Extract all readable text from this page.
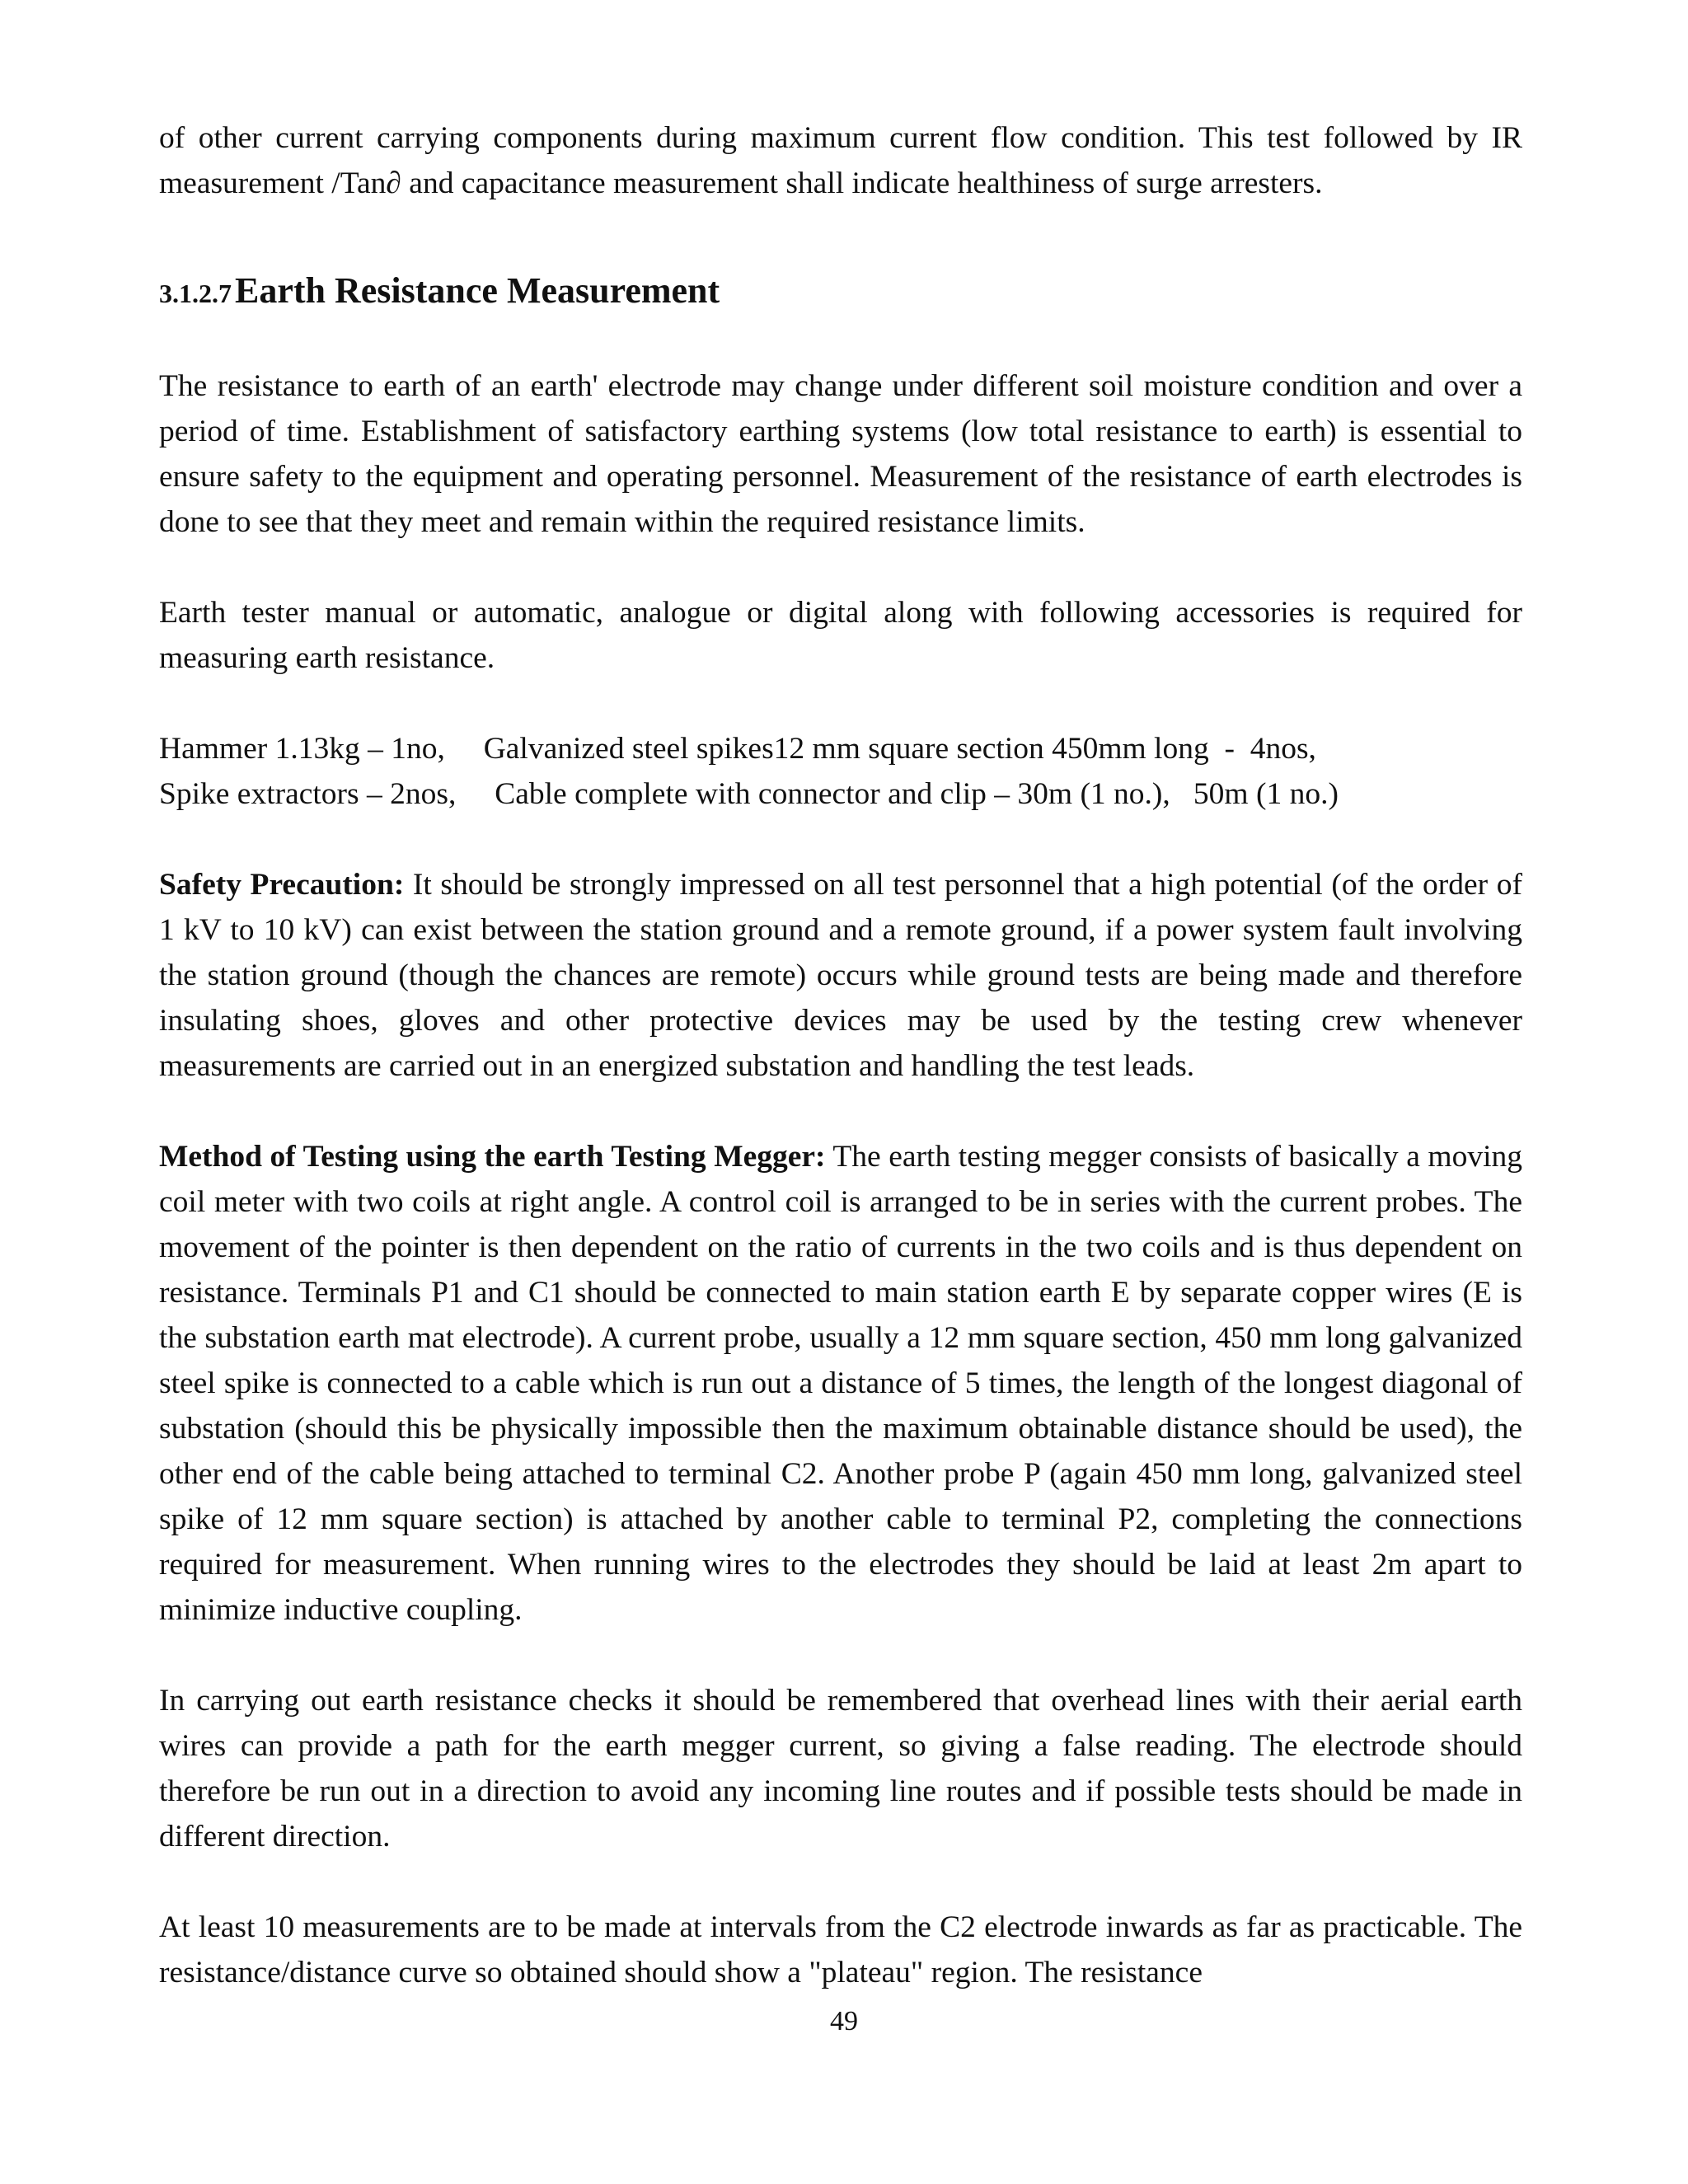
of other current carrying components during maximum current flow condition. This test followed by IR measurement /Tan∂ and capacitance measurement shall indicate healthiness of surge arresters.

3.1.2.7 Earth Resistance Measurement

The resistance to earth of an earth' electrode may change under different soil moisture condition and over a period of time. Establishment of satisfactory earthing systems (low total resistance to earth) is essential to ensure safety to the equipment and operating personnel. Measurement of the resistance of earth electrodes is done to see that they meet and remain within the required resistance limits.

Earth tester manual or automatic, analogue or digital along with following accessories is required for measuring earth resistance.

Hammer 1.13kg – 1no, Galvanized steel spikes12 mm square section 450mm long  -  4nos,
Spike extractors – 2nos, Cable complete with connector and clip – 30m (1 no.),   50m (1 no.)

Safety Precaution: It should be strongly impressed on all test personnel that a high potential (of the order of 1 kV to 10 kV) can exist between the station ground and a remote ground, if a power system fault involving the station ground (though the chances are remote) occurs while ground tests are being made and therefore insulating shoes, gloves and other protective devices may be used by the testing crew whenever measurements are carried out in an energized substation and handling the test leads.

Method of Testing using the earth Testing Megger: The earth testing megger consists of basically a moving coil meter with two coils at right angle. A control coil is arranged to be in series with the current probes. The movement of the pointer is then dependent on the ratio of currents in the two coils and is thus dependent on resistance. Terminals P1 and C1 should be connected to main station earth E by separate copper wires (E is the substation earth mat electrode). A current probe, usually a 12 mm square section, 450 mm long galvanized steel spike is connected to a cable which is run out a distance of 5 times, the length of the longest diagonal of substation (should this be physically impossible then the maximum obtainable distance should be used), the other end of the cable being attached to terminal C2. Another probe P (again 450 mm long, galvanized steel spike of 12 mm square section) is attached by another cable to terminal P2, completing the connections required for measurement. When running wires to the electrodes they should be laid at least 2m apart to minimize inductive coupling.

In carrying out earth resistance checks it should be remembered that overhead lines with their aerial earth wires can provide a path for the earth megger current, so giving a false reading. The electrode should therefore be run out in a direction to avoid any incoming line routes and if possible tests should be made in different direction.

At least 10 measurements are to be made at intervals from the C2 electrode inwards as far as practicable. The resistance/distance curve so obtained should show a "plateau" region. The resistance

49
